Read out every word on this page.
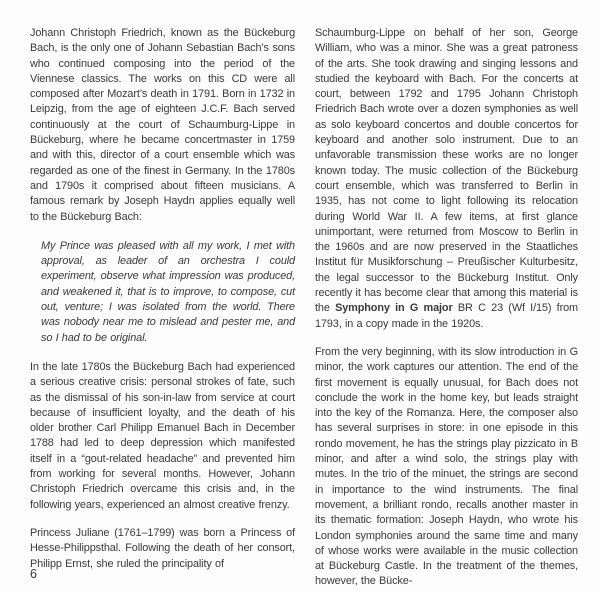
Johann Christoph Friedrich, known as the Bückeburg Bach, is the only one of Johann Sebastian Bach’s sons who continued composing into the period of the Viennese classics. The works on this CD were all composed after Mozart’s death in 1791. Born in 1732 in Leipzig, from the age of eighteen J.C.F. Bach served continuously at the court of Schaumburg-Lippe in Bückeburg, where he became concertmaster in 1759 and with this, director of a court ensemble which was regarded as one of the finest in Germany. In the 1780s and 1790s it comprised about fifteen musicians. A famous remark by Joseph Haydn applies equally well to the Bückeburg Bach:
My Prince was pleased with all my work, I met with approval, as leader of an orchestra I could experiment, observe what impression was produced, and weakened it, that is to improve, to compose, cut out, venture; I was isolated from the world. There was nobody near me to mislead and pester me, and so I had to be original.
In the late 1780s the Bückeburg Bach had experienced a serious creative crisis: personal strokes of fate, such as the dismissal of his son-in-law from service at court because of insufficient loyalty, and the death of his older brother Carl Philipp Emanuel Bach in December 1788 had led to deep depression which manifested itself in a “gout-related headache” and prevented him from working for several months. However, Johann Christoph Friedrich overcame this crisis and, in the following years, experienced an almost creative frenzy.
Princess Juliane (1761–1799) was born a Princess of Hesse-Philippsthal. Following the death of her consort, Philipp Ernst, she ruled the principality of
Schaumburg-Lippe on behalf of her son, George William, who was a minor. She was a great patroness of the arts. She took drawing and singing lessons and studied the keyboard with Bach. For the concerts at court, between 1792 and 1795 Johann Christoph Friedrich Bach wrote over a dozen symphonies as well as solo keyboard concertos and double concertos for keyboard and another solo instrument. Due to an unfavorable transmission these works are no longer known today. The music collection of the Bückeburg court ensemble, which was transferred to Berlin in 1935, has not come to light following its relocation during World War II. A few items, at first glance unimportant, were returned from Moscow to Berlin in the 1960s and are now preserved in the Staatliches Institut für Musikforschung – Preußischer Kulturbesitz, the legal successor to the Bückeburg Institut. Only recently it has become clear that among this material is the Symphony in G major BR C 23 (Wf I/15) from 1793, in a copy made in the 1920s.
From the very beginning, with its slow introduction in G minor, the work captures our attention. The end of the first movement is equally unusual, for Bach does not conclude the work in the home key, but leads straight into the key of the Romanza. Here, the composer also has several surprises in store: in one episode in this rondo movement, he has the strings play pizzicato in B minor, and after a wind solo, the strings play with mutes. In the trio of the minuet, the strings are second in importance to the wind instruments. The final movement, a brilliant rondo, recalls another master in its thematic formation: Joseph Haydn, who wrote his London symphonies around the same time and many of whose works were available in the music collection at Bückeburg Castle. In the treatment of the themes, however, the Bücke-
6
